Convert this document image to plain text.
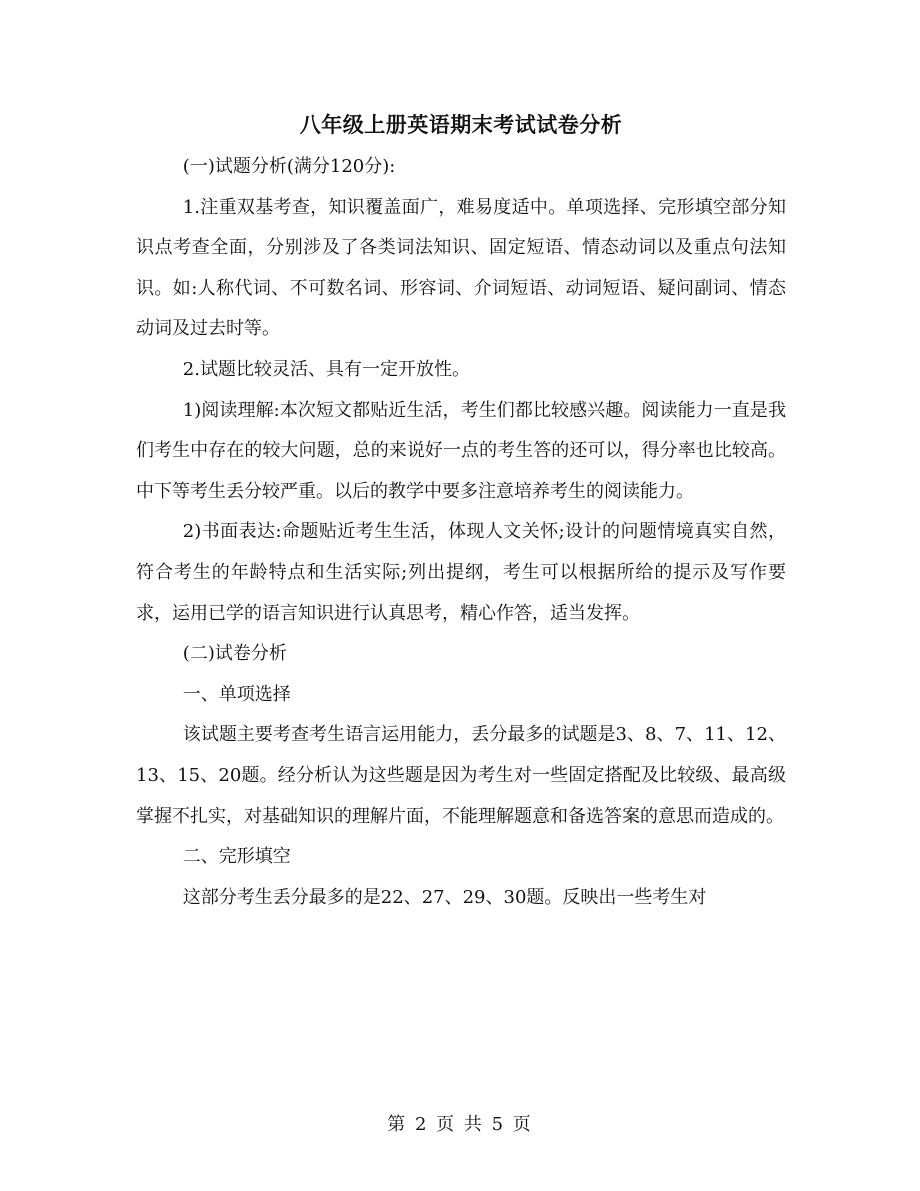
八年级上册英语期末考试试卷分析

(一)试题分析(满分120分):

1.注重双基考查，知识覆盖面广，难易度适中。单项选择、完形填空部分知识点考查全面，分别涉及了各类词法知识、固定短语、情态动词以及重点句法知识。如:人称代词、不可数名词、形容词、介词短语、动词短语、疑问副词、情态动词及过去时等。

2.试题比较灵活、具有一定开放性。

1)阅读理解:本次短文都贴近生活，考生们都比较感兴趣。阅读能力一直是我们考生中存在的较大问题，总的来说好一点的考生答的还可以，得分率也比较高。中下等考生丢分较严重。以后的教学中要多注意培养考生的阅读能力。

2)书面表达:命题贴近考生生活，体现人文关怀;设计的问题情境真实自然，符合考生的年龄特点和生活实际;列出提纲，考生可以根据所给的提示及写作要求，运用已学的语言知识进行认真思考，精心作答，适当发挥。

(二)试卷分析

一、单项选择

该试题主要考查考生语言运用能力，丢分最多的试题是3、8、7、11、12、13、15、20题。经分析认为这些题是因为考生对一些固定搭配及比较级、最高级掌握不扎实，对基础知识的理解片面，不能理解题意和备选答案的意思而造成的。

二、完形填空

这部分考生丢分最多的是22、27、29、30题。反映出一些考生对

第 2 页 共 5 页
